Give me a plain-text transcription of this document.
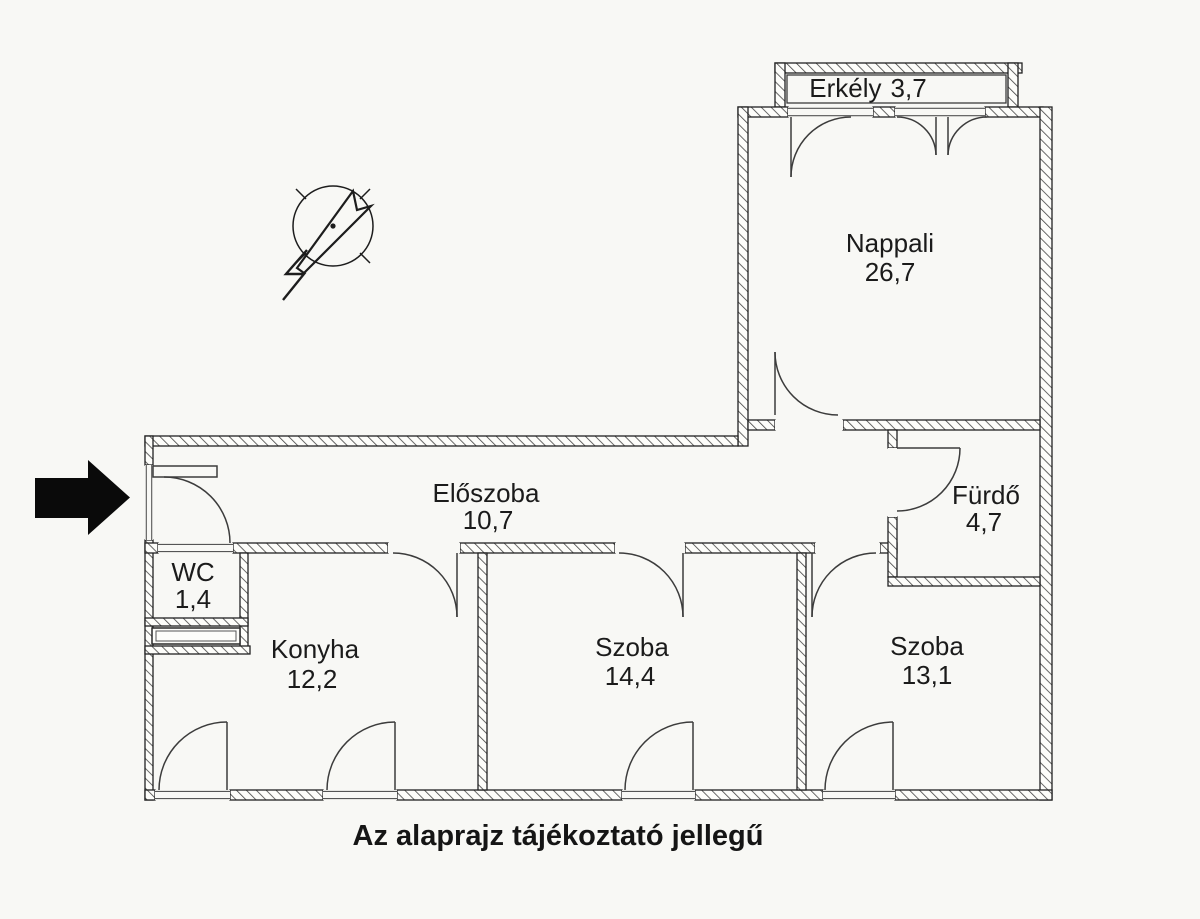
Erkély 3,7
Nappali
26,7
Előszoba
10,7
Fürdő
4,7
WC
1,4
Konyha
12,2
Szoba
14,4
Szoba
13,1
Az alaprajz tájékoztató jellegű
